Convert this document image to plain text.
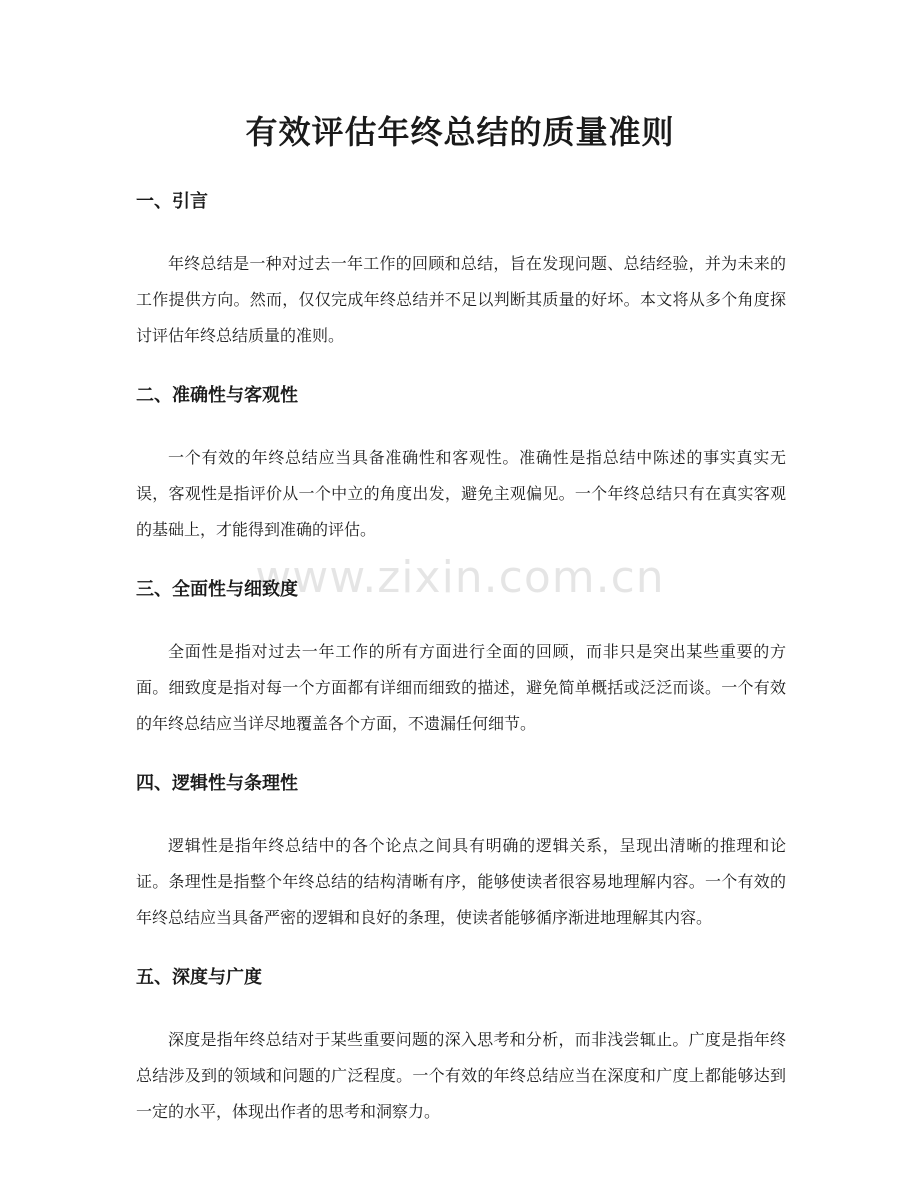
有效评估年终总结的质量准则
www.zixin.com.cn
一、引言

年终总结是一种对过去一年工作的回顾和总结，旨在发现问题、总结经验，并为未来的工作提供方向。然而，仅仅完成年终总结并不足以判断其质量的好坏。本文将从多个角度探讨评估年终总结质量的准则。

二、准确性与客观性

一个有效的年终总结应当具备准确性和客观性。准确性是指总结中陈述的事实真实无误，客观性是指评价从一个中立的角度出发，避免主观偏见。一个年终总结只有在真实客观的基础上，才能得到准确的评估。

三、全面性与细致度

全面性是指对过去一年工作的所有方面进行全面的回顾，而非只是突出某些重要的方面。细致度是指对每一个方面都有详细而细致的描述，避免简单概括或泛泛而谈。一个有效的年终总结应当详尽地覆盖各个方面，不遗漏任何细节。

四、逻辑性与条理性

逻辑性是指年终总结中的各个论点之间具有明确的逻辑关系，呈现出清晰的推理和论证。条理性是指整个年终总结的结构清晰有序，能够使读者很容易地理解内容。一个有效的年终总结应当具备严密的逻辑和良好的条理，使读者能够循序渐进地理解其内容。

五、深度与广度

深度是指年终总结对于某些重要问题的深入思考和分析，而非浅尝辄止。广度是指年终总结涉及到的领域和问题的广泛程度。一个有效的年终总结应当在深度和广度上都能够达到一定的水平，体现出作者的思考和洞察力。
